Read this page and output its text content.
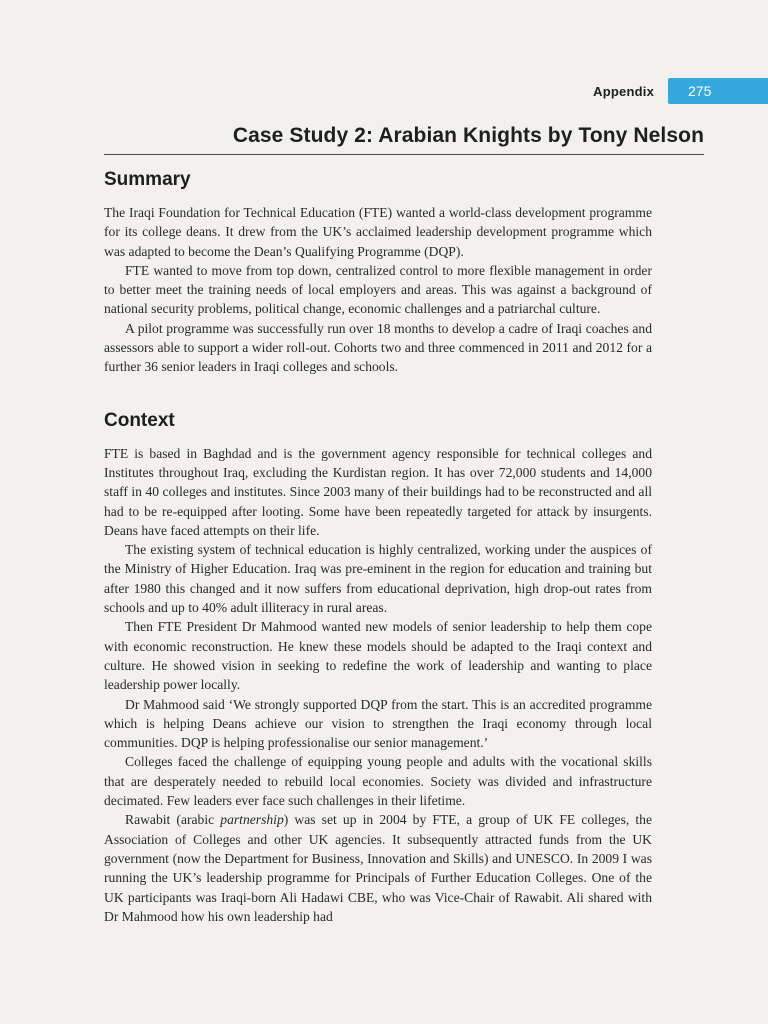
Appendix 275
Case Study 2: Arabian Knights by Tony Nelson
Summary

The Iraqi Foundation for Technical Education (FTE) wanted a world-class development programme for its college deans. It drew from the UK’s acclaimed leadership development programme which was adapted to become the Dean’s Qualifying Programme (DQP).

FTE wanted to move from top down, centralized control to more flexible management in order to better meet the training needs of local employers and areas. This was against a background of national security problems, political change, economic challenges and a patriarchal culture.

A pilot programme was successfully run over 18 months to develop a cadre of Iraqi coaches and assessors able to support a wider roll-out. Cohorts two and three commenced in 2011 and 2012 for a further 36 senior leaders in Iraqi colleges and schools.

Context

FTE is based in Baghdad and is the government agency responsible for technical colleges and Institutes throughout Iraq, excluding the Kurdistan region. It has over 72,000 students and 14,000 staff in 40 colleges and institutes. Since 2003 many of their buildings had to be reconstructed and all had to be re-equipped after looting. Some have been repeatedly targeted for attack by insurgents. Deans have faced attempts on their life.

The existing system of technical education is highly centralized, working under the auspices of the Ministry of Higher Education. Iraq was pre-eminent in the region for education and training but after 1980 this changed and it now suffers from educational deprivation, high drop-out rates from schools and up to 40% adult illiteracy in rural areas.

Then FTE President Dr Mahmood wanted new models of senior leadership to help them cope with economic reconstruction. He knew these models should be adapted to the Iraqi context and culture. He showed vision in seeking to redefine the work of leadership and wanting to place leadership power locally.

Dr Mahmood said ‘We strongly supported DQP from the start. This is an accredited programme which is helping Deans achieve our vision to strengthen the Iraqi economy through local communities. DQP is helping professionalise our senior management.’

Colleges faced the challenge of equipping young people and adults with the vocational skills that are desperately needed to rebuild local economies. Society was divided and infrastructure decimated. Few leaders ever face such challenges in their lifetime.

Rawabit (arabic partnership) was set up in 2004 by FTE, a group of UK FE colleges, the Association of Colleges and other UK agencies. It subsequently attracted funds from the UK government (now the Department for Business, Innovation and Skills) and UNESCO. In 2009 I was running the UK’s leadership programme for Principals of Further Education Colleges. One of the UK participants was Iraqi-born Ali Hadawi CBE, who was Vice-Chair of Rawabit. Ali shared with Dr Mahmood how his own leadership had
